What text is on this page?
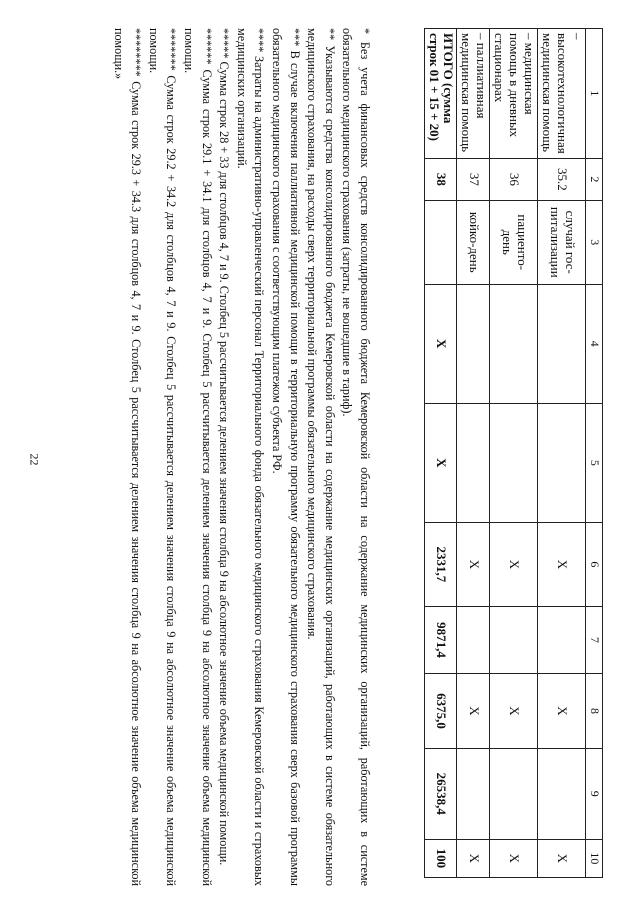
22
1	2	3	4	5	6	7	8	9	10
– высокотехнологичная медицинская помощь	35.2	случай гос-питализации			X		X		X
– медицинская помощь в дневных стационарах	36	пациенто-день			X		X		X
– паллиативная медицинская помощь	37	койко-день			X		X		X
ИТОГО (сумма строк 01 + 15 + 20)	38		X	X	2331,7	9871,4	6375,0	26538,4	100

* Без учета финансовых средств консолидированного бюджета Кемеровской области на содержание медицинских организаций, работающих в системе обязательного медицинского страхования (затраты, не вошедшие в тариф).

** Указываются средства консолидированного бюджета Кемеровской области на содержание медицинских организаций, работающих в системе обязательного медицинского страхования, на расходы сверх территориальной программы обязательного медицинского страхования.

*** В случае включения паллиативной медицинской помощи в территориальную программу обязательного медицинского страхования сверх базовой программы обязательного медицинского страхования с соответствующим платежом субъекта РФ.

**** Затраты на административно-управленческий персонал Территориального фонда обязательного медицинского страхования Кемеровской области и страховых медицинских организаций.

***** Сумма строк 28 + 33 для столбцов 4, 7 и 9. Столбец 5 рассчитывается делением значения столбца 9 на абсолютное значение объема медицинской помощи.

****** Сумма строк 29.1 + 34.1 для столбцов 4, 7 и 9. Столбец 5 рассчитывается делением значения столбца 9 на абсолютное значение объема медицинской помощи.

******* Сумма строк 29.2 + 34.2 для столбцов 4, 7 и 9. Столбец 5 рассчитывается делением значения столбца 9 на абсолютное значение объема медицинской помощи.

******** Сумма строк 29.3 + 34.3 для столбцов 4, 7 и 9. Столбец 5 рассчитывается делением значения столбца 9 на абсолютное значение объема медицинской помощи.»
